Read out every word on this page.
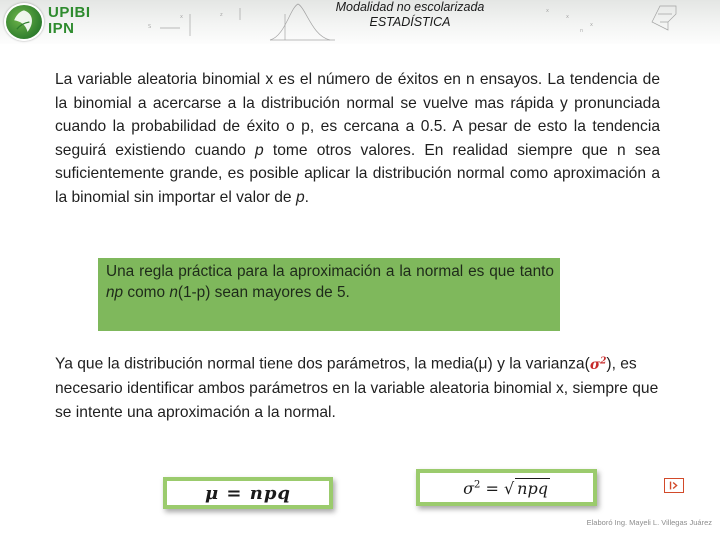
UPIBI
IPN	S
x	z
x
x
x
n
Modalidad no escolarizada
ESTADÍSTICA

La variable aleatoria binomial x es el número de éxitos en n ensayos. La tendencia de la binomial a acercarse a la distribución normal se vuelve mas rápida y pronunciada cuando la probabilidad de éxito o p, es cercana a 0.5. A pesar de esto la tendencia seguirá existiendo cuando p tome otros valores. En realidad siempre que n sea suficientemente grande, es posible aplicar la distribución normal como aproximación a la binomial sin importar el valor de p.

Una regla práctica para la aproximación a la normal es que tanto np como n(1-p) sean mayores de 5.

Ya que la distribución normal tiene dos parámetros, la media(μ) y la $varianza(\sigma^2)$, es necesario identificar ambos parámetros en la variable aleatoria binomial x, siempre que se intente una aproximación a la normal.

μ = npq	$\sigma^2$ = √ npq
Elaboró Ing. Mayeli L. Villegas Juárez
